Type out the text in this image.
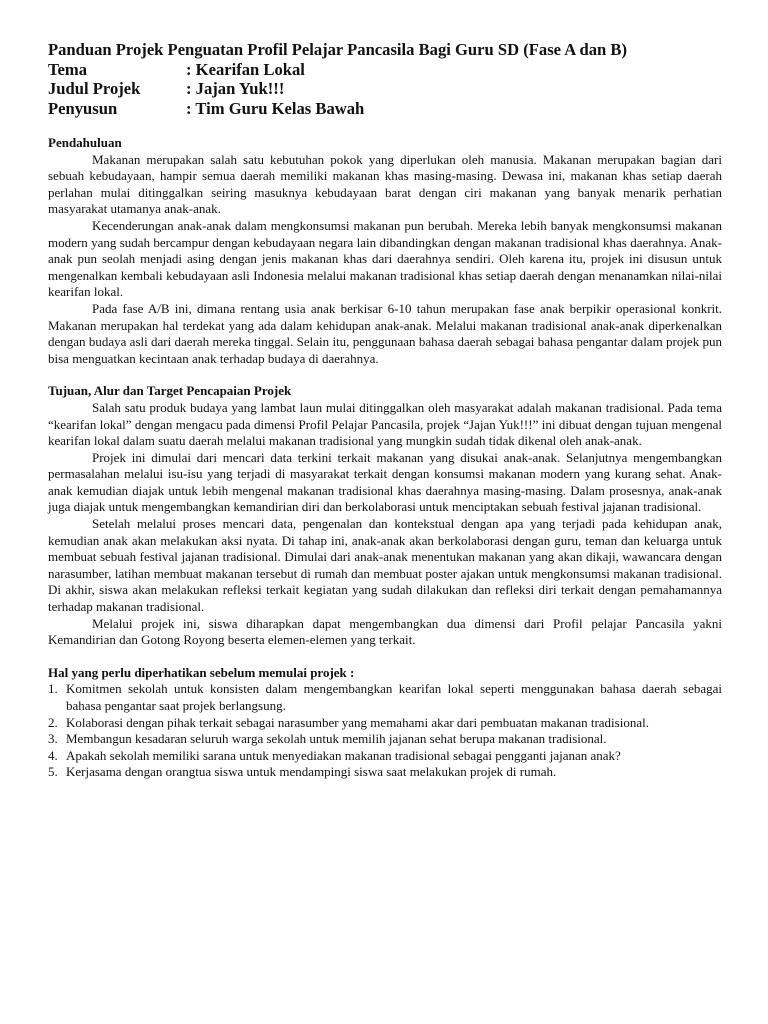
Panduan Projek Penguatan Profil Pelajar Pancasila Bagi Guru SD (Fase A dan B)
Tema	: Kearifan Lokal
Judul Projek	: Jajan Yuk!!!
Penyusun	: Tim Guru Kelas Bawah
Pendahuluan

Makanan merupakan salah satu kebutuhan pokok yang diperlukan oleh manusia. Makanan merupakan bagian dari sebuah kebudayaan, hampir semua daerah memiliki makanan khas masing-masing. Dewasa ini, makanan khas setiap daerah perlahan mulai ditinggalkan seiring masuknya kebudayaan barat dengan ciri makanan yang banyak menarik perhatian masyarakat utamanya anak-anak.

Kecenderungan anak-anak dalam mengkonsumsi makanan pun berubah. Mereka lebih banyak mengkonsumsi makanan modern yang sudah bercampur dengan kebudayaan negara lain dibandingkan dengan makanan tradisional khas daerahnya. Anak-anak pun seolah menjadi asing dengan jenis makanan khas dari daerahnya sendiri. Oleh karena itu, projek ini disusun untuk mengenalkan kembali kebudayaan asli Indonesia melalui makanan tradisional khas setiap daerah dengan menanamkan nilai-nilai kearifan lokal.

Pada fase A/B ini, dimana rentang usia anak berkisar 6-10 tahun merupakan fase anak berpikir operasional konkrit. Makanan merupakan hal terdekat yang ada dalam kehidupan anak-anak. Melalui makanan tradisional anak-anak diperkenalkan dengan budaya asli dari daerah mereka tinggal. Selain itu, penggunaan bahasa daerah sebagai bahasa pengantar dalam projek pun bisa menguatkan kecintaan anak terhadap budaya di daerahnya.

Tujuan, Alur dan Target Pencapaian Projek

Salah satu produk budaya yang lambat laun mulai ditinggalkan oleh masyarakat adalah makanan tradisional. Pada tema “kearifan lokal” dengan mengacu pada dimensi Profil Pelajar Pancasila, projek “Jajan Yuk!!!” ini dibuat dengan tujuan mengenal kearifan lokal dalam suatu daerah melalui makanan tradisional yang mungkin sudah tidak dikenal oleh anak-anak.

Projek ini dimulai dari mencari data terkini terkait makanan yang disukai anak-anak. Selanjutnya mengembangkan permasalahan melalui isu-isu yang terjadi di masyarakat terkait dengan konsumsi makanan modern yang kurang sehat. Anak-anak kemudian diajak untuk lebih mengenal makanan tradisional khas daerahnya masing-masing. Dalam prosesnya, anak-anak juga diajak untuk mengembangkan kemandirian diri dan berkolaborasi untuk menciptakan sebuah festival jajanan tradisional.

Setelah melalui proses mencari data, pengenalan dan kontekstual dengan apa yang terjadi pada kehidupan anak, kemudian anak akan melakukan aksi nyata. Di tahap ini, anak-anak akan berkolaborasi dengan guru, teman dan keluarga untuk membuat sebuah festival jajanan tradisional. Dimulai dari anak-anak menentukan makanan yang akan dikaji, wawancara dengan narasumber, latihan membuat makanan tersebut di rumah dan membuat poster ajakan untuk mengkonsumsi makanan tradisional. Di akhir, siswa akan melakukan refleksi terkait kegiatan yang sudah dilakukan dan refleksi diri terkait dengan pemahamannya terhadap makanan tradisional.

Melalui projek ini, siswa diharapkan dapat mengembangkan dua dimensi dari Profil pelajar Pancasila yakni Kemandirian dan Gotong Royong beserta elemen-elemen yang terkait.

Hal yang perlu diperhatikan sebelum memulai projek :
1. Komitmen sekolah untuk konsisten dalam mengembangkan kearifan lokal seperti menggunakan bahasa daerah sebagai bahasa pengantar saat projek berlangsung.
2. Kolaborasi dengan pihak terkait sebagai narasumber yang memahami akar dari pembuatan makanan tradisional.
3. Membangun kesadaran seluruh warga sekolah untuk memilih jajanan sehat berupa makanan tradisional.
4. Apakah sekolah memiliki sarana untuk menyediakan makanan tradisional sebagai pengganti jajanan anak?
5. Kerjasama dengan orangtua siswa untuk mendampingi siswa saat melakukan projek di rumah.
